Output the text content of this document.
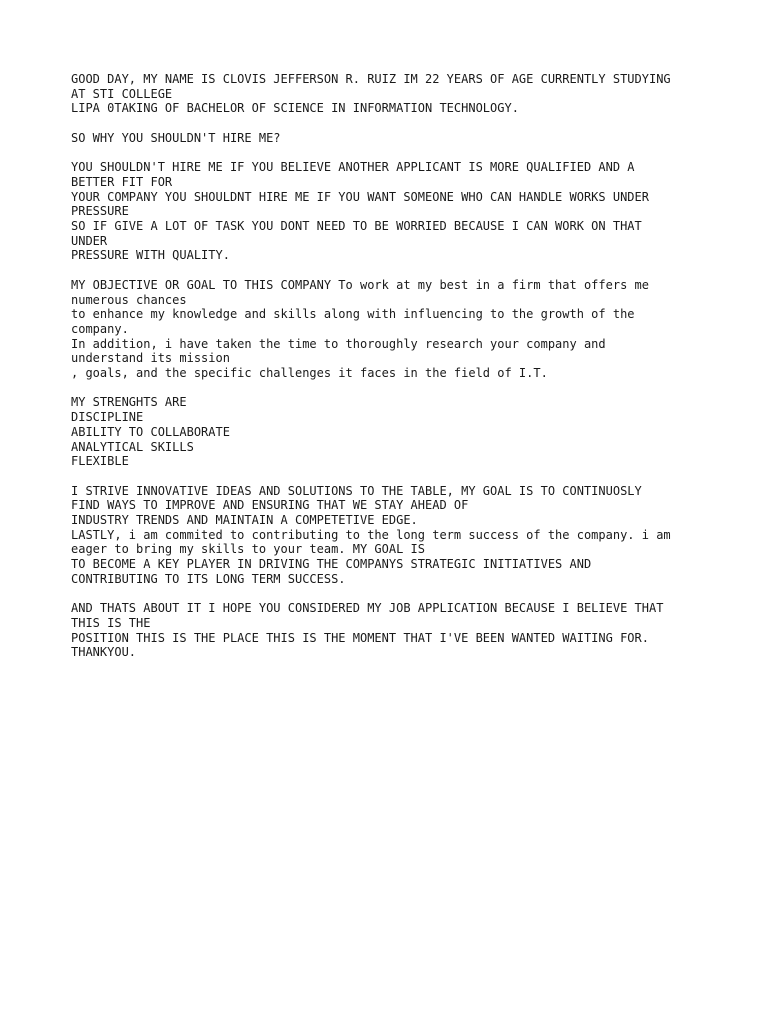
GOOD DAY, MY NAME IS CLOVIS JEFFERSON R. RUIZ IM 22 YEARS OF AGE CURRENTLY STUDYING
AT STI COLLEGE
LIPA 0TAKING OF BACHELOR OF SCIENCE IN INFORMATION TECHNOLOGY.

SO WHY YOU SHOULDN'T HIRE ME?

YOU SHOULDN'T HIRE ME IF YOU BELIEVE ANOTHER APPLICANT IS MORE QUALIFIED AND A
BETTER FIT FOR
YOUR COMPANY YOU SHOULDNT HIRE ME IF YOU WANT SOMEONE WHO CAN HANDLE WORKS UNDER
PRESSURE
SO IF GIVE A LOT OF TASK YOU DONT NEED TO BE WORRIED BECAUSE I CAN WORK ON THAT
UNDER
PRESSURE WITH QUALITY.

MY OBJECTIVE OR GOAL TO THIS COMPANY To work at my best in a firm that offers me
numerous chances
to enhance my knowledge and skills along with influencing to the growth of the
company.
In addition, i have taken the time to thoroughly research your company and
understand its mission
, goals, and the specific challenges it faces in the field of I.T.

MY STRENGHTS ARE
DISCIPLINE
ABILITY TO COLLABORATE
ANALYTICAL SKILLS
FLEXIBLE

I STRIVE INNOVATIVE IDEAS AND SOLUTIONS TO THE TABLE, MY GOAL IS TO CONTINUOSLY
FIND WAYS TO IMPROVE AND ENSURING THAT WE STAY AHEAD OF
INDUSTRY TRENDS AND MAINTAIN A COMPETETIVE EDGE.
LASTLY, i am commited to contributing to the long term success of the company. i am
eager to bring my skills to your team. MY GOAL IS
TO BECOME A KEY PLAYER IN DRIVING THE COMPANYS STRATEGIC INITIATIVES AND
CONTRIBUTING TO ITS LONG TERM SUCCESS.

AND THATS ABOUT IT I HOPE YOU CONSIDERED MY JOB APPLICATION BECAUSE I BELIEVE THAT
THIS IS THE
POSITION THIS IS THE PLACE THIS IS THE MOMENT THAT I'VE BEEN WANTED WAITING FOR.
THANKYOU.
